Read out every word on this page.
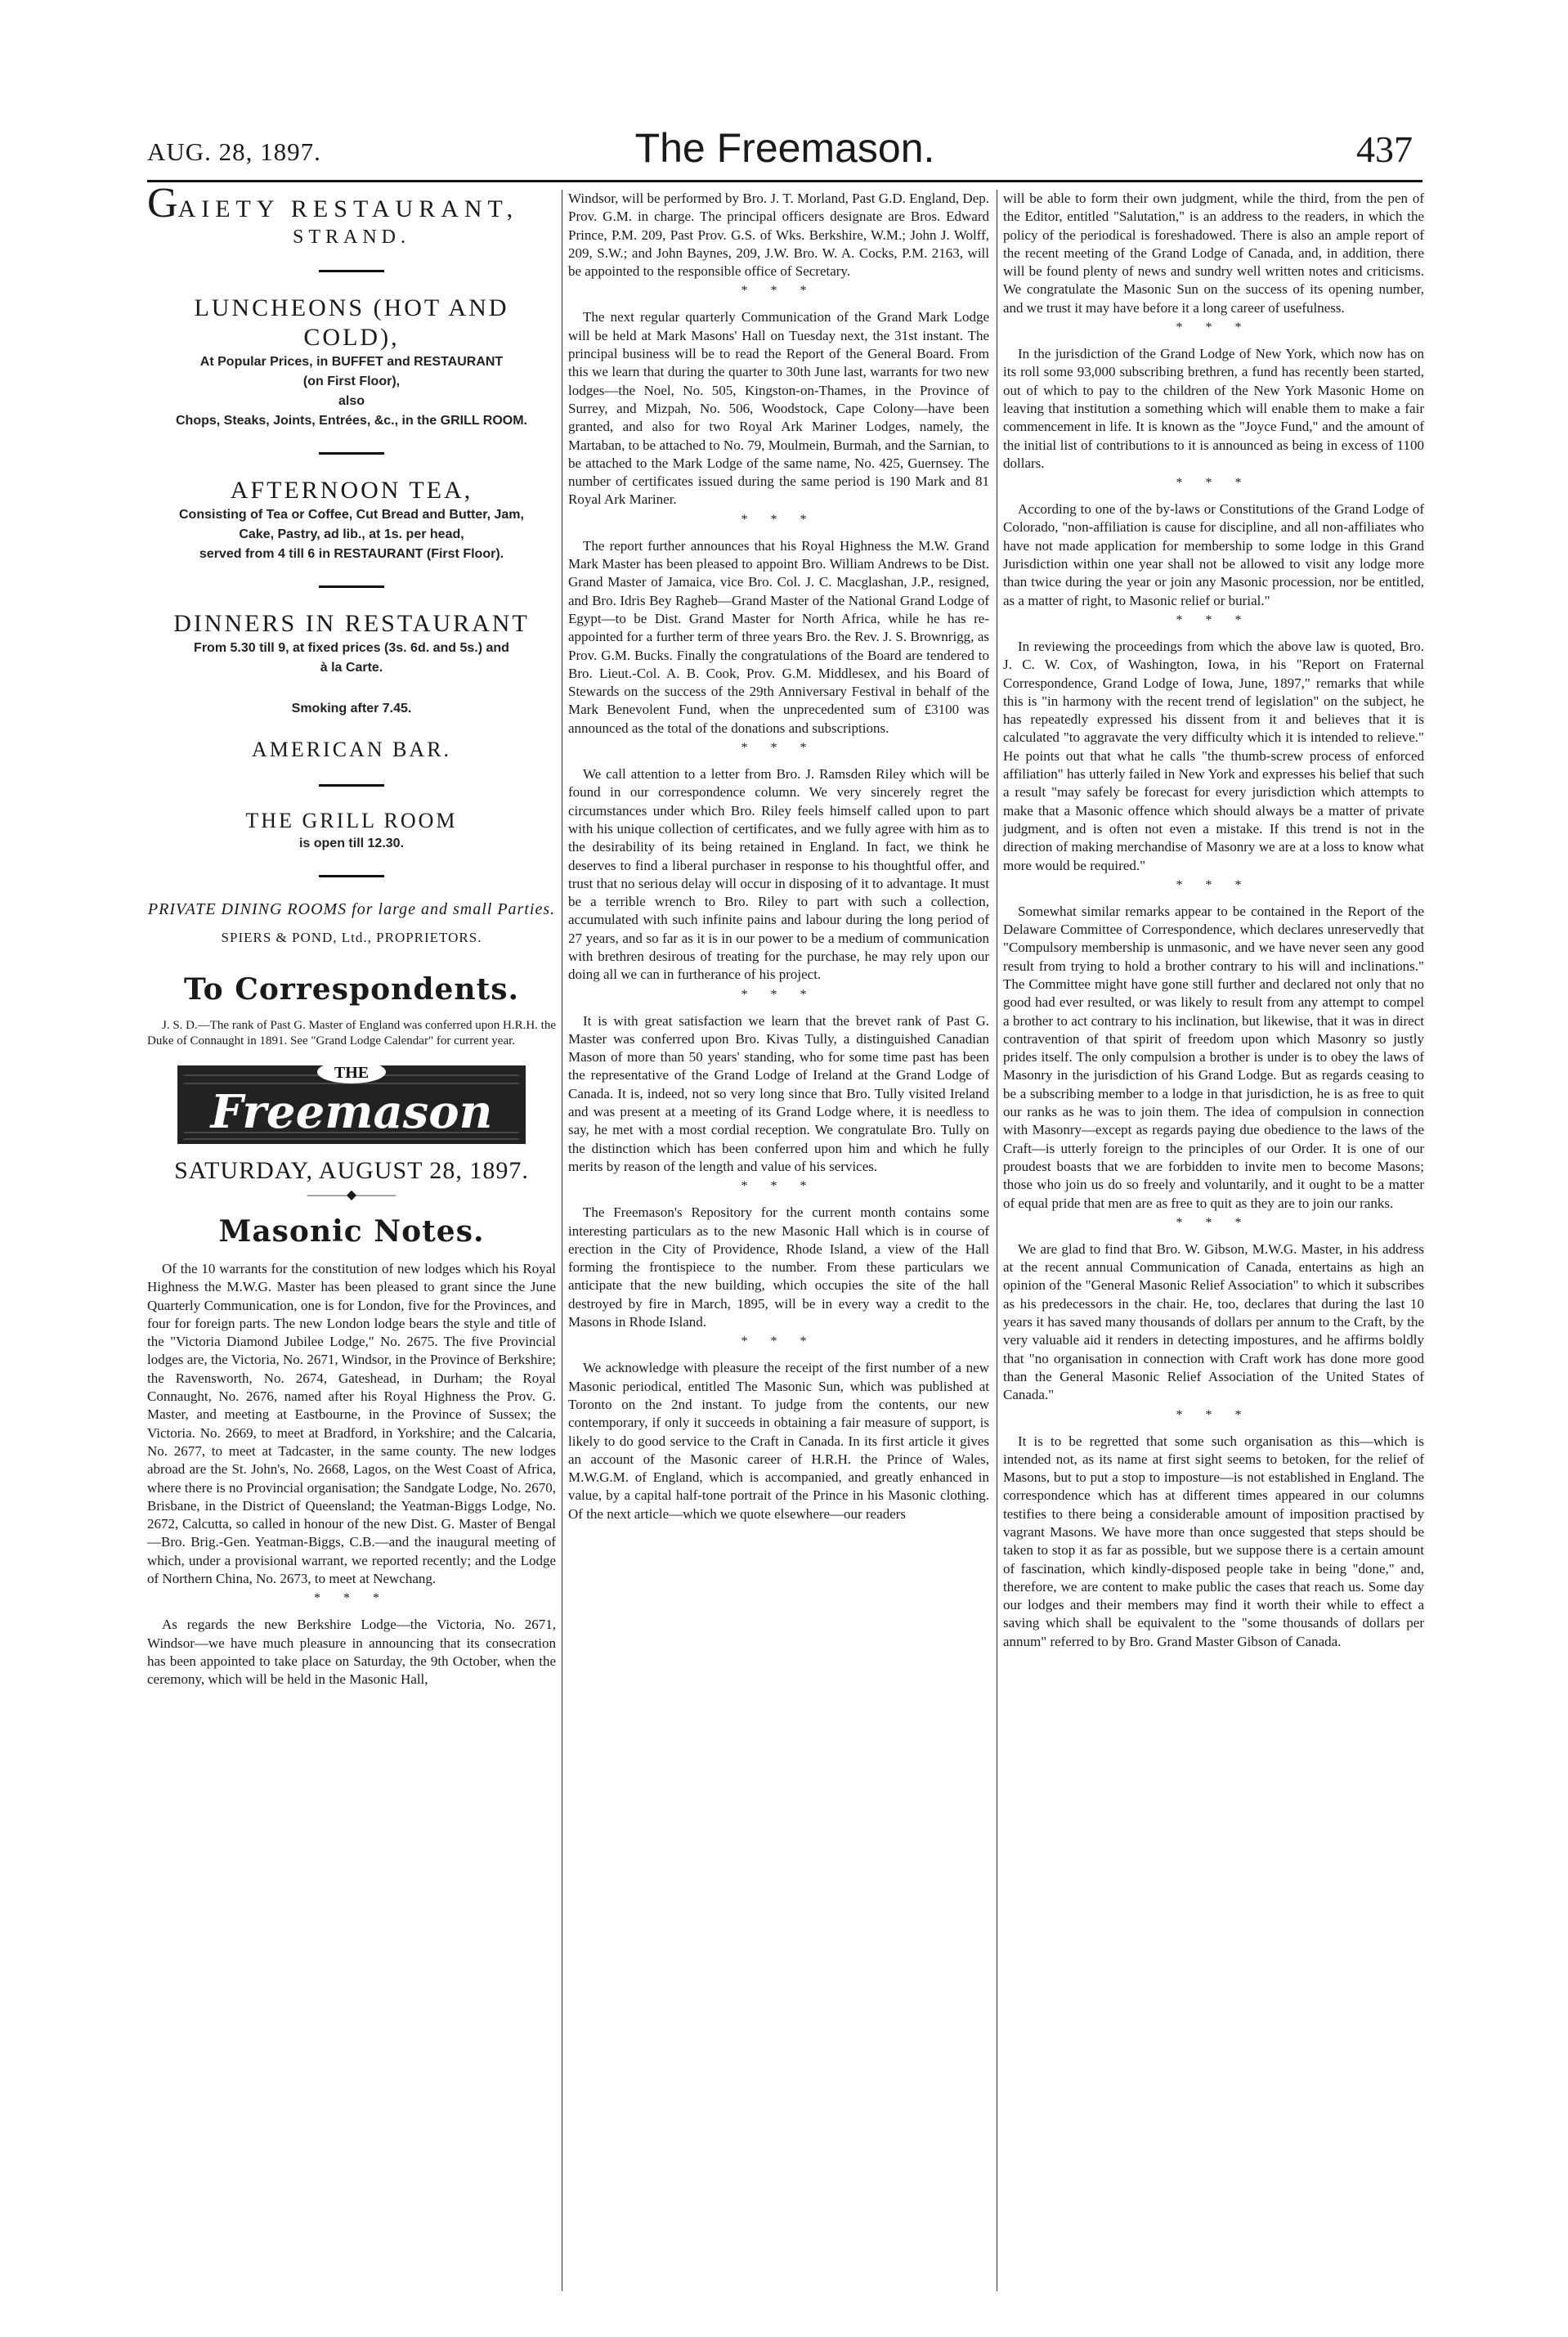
AUG. 28, 1897.	The Freemason.	437
GAIETY RESTAURANT,
STRAND.
LUNCHEONS (HOT AND COLD),
At Popular Prices, in BUFFET and RESTAURANT
(on First Floor),
also
Chops, Steaks, Joints, Entrées, &c., in the GRILL ROOM.
AFTERNOON TEA,
Consisting of Tea or Coffee, Cut Bread and Butter, Jam,
Cake, Pastry, ad lib., at 1s. per head,
served from 4 till 6 in RESTAURANT (First Floor).
DINNERS IN RESTAURANT
From 5.30 till 9, at fixed prices (3s. 6d. and 5s.) and
à la Carte.
Smoking after 7.45.
AMERICAN BAR.
THE GRILL ROOM
is open till 12.30.
PRIVATE DINING ROOMS for large and small Parties.
SPIERS & POND, Ltd., PROPRIETORS.
To Correspondents.

J. S. D.—The rank of Past G. Master of England was conferred upon H.R.H. the Duke of Connaught in 1891. See "Grand Lodge Calendar" for current year.

THE
Freemason
SATURDAY, AUGUST 28, 1897.
———◆———
Masonic Notes.

Of the 10 warrants for the constitution of new lodges which his Royal Highness the M.W.G. Master has been pleased to grant since the June Quarterly Communication, one is for London, five for the Provinces, and four for foreign parts. The new London lodge bears the style and title of the "Victoria Diamond Jubilee Lodge," No. 2675. The five Provincial lodges are, the Victoria, No. 2671, Windsor, in the Province of Berkshire; the Ravensworth, No. 2674, Gateshead, in Durham; the Royal Connaught, No. 2676, named after his Royal Highness the Prov. G. Master, and meeting at Eastbourne, in the Province of Sussex; the Victoria. No. 2669, to meet at Bradford, in Yorkshire; and the Calcaria, No. 2677, to meet at Tadcaster, in the same county. The new lodges abroad are the St. John's, No. 2668, Lagos, on the West Coast of Africa, where there is no Provincial organisation; the Sandgate Lodge, No. 2670, Brisbane, in the District of Queensland; the Yeatman-Biggs Lodge, No. 2672, Calcutta, so called in honour of the new Dist. G. Master of Bengal—Bro. Brig.-Gen. Yeatman-Biggs, C.B.—and the inaugural meeting of which, under a provisional warrant, we reported recently; and the Lodge of Northern China, No. 2673, to meet at Newchang.

* * *

As regards the new Berkshire Lodge—the Victoria, No. 2671, Windsor—we have much pleasure in announcing that its consecration has been appointed to take place on Saturday, the 9th October, when the ceremony, which will be held in the Masonic Hall,

Windsor, will be performed by Bro. J. T. Morland, Past G.D. England, Dep. Prov. G.M. in charge. The principal officers designate are Bros. Edward Prince, P.M. 209, Past Prov. G.S. of Wks. Berkshire, W.M.; John J. Wolff, 209, S.W.; and John Baynes, 209, J.W. Bro. W. A. Cocks, P.M. 2163, will be appointed to the responsible office of Secretary.

* * *

The next regular quarterly Communication of the Grand Mark Lodge will be held at Mark Masons' Hall on Tuesday next, the 31st instant. The principal business will be to read the Report of the General Board. From this we learn that during the quarter to 30th June last, warrants for two new lodges—the Noel, No. 505, Kingston-on-Thames, in the Province of Surrey, and Mizpah, No. 506, Woodstock, Cape Colony—have been granted, and also for two Royal Ark Mariner Lodges, namely, the Martaban, to be attached to No. 79, Moulmein, Burmah, and the Sarnian, to be attached to the Mark Lodge of the same name, No. 425, Guernsey. The number of certificates issued during the same period is 190 Mark and 81 Royal Ark Mariner.

* * *

The report further announces that his Royal Highness the M.W. Grand Mark Master has been pleased to appoint Bro. William Andrews to be Dist. Grand Master of Jamaica, vice Bro. Col. J. C. Macglashan, J.P., resigned, and Bro. Idris Bey Ragheb—Grand Master of the National Grand Lodge of Egypt—to be Dist. Grand Master for North Africa, while he has re-appointed for a further term of three years Bro. the Rev. J. S. Brownrigg, as Prov. G.M. Bucks. Finally the congratulations of the Board are tendered to Bro. Lieut.-Col. A. B. Cook, Prov. G.M. Middlesex, and his Board of Stewards on the success of the 29th Anniversary Festival in behalf of the Mark Benevolent Fund, when the unprecedented sum of £3100 was announced as the total of the donations and subscriptions.

* * *

We call attention to a letter from Bro. J. Ramsden Riley which will be found in our correspondence column. We very sincerely regret the circumstances under which Bro. Riley feels himself called upon to part with his unique collection of certificates, and we fully agree with him as to the desirability of its being retained in England. In fact, we think he deserves to find a liberal purchaser in response to his thoughtful offer, and trust that no serious delay will occur in disposing of it to advantage. It must be a terrible wrench to Bro. Riley to part with such a collection, accumulated with such infinite pains and labour during the long period of 27 years, and so far as it is in our power to be a medium of communication with brethren desirous of treating for the purchase, he may rely upon our doing all we can in furtherance of his project.

* * *

It is with great satisfaction we learn that the brevet rank of Past G. Master was conferred upon Bro. Kivas Tully, a distinguished Canadian Mason of more than 50 years' standing, who for some time past has been the representative of the Grand Lodge of Ireland at the Grand Lodge of Canada. It is, indeed, not so very long since that Bro. Tully visited Ireland and was present at a meeting of its Grand Lodge where, it is needless to say, he met with a most cordial reception. We congratulate Bro. Tully on the distinction which has been conferred upon him and which he fully merits by reason of the length and value of his services.

* * *

The Freemason's Repository for the current month contains some interesting particulars as to the new Masonic Hall which is in course of erection in the City of Providence, Rhode Island, a view of the Hall forming the frontispiece to the number. From these particulars we anticipate that the new building, which occupies the site of the hall destroyed by fire in March, 1895, will be in every way a credit to the Masons in Rhode Island.

* * *

We acknowledge with pleasure the receipt of the first number of a new Masonic periodical, entitled The Masonic Sun, which was published at Toronto on the 2nd instant. To judge from the contents, our new contemporary, if only it succeeds in obtaining a fair measure of support, is likely to do good service to the Craft in Canada. In its first article it gives an account of the Masonic career of H.R.H. the Prince of Wales, M.W.G.M. of England, which is accompanied, and greatly enhanced in value, by a capital half-tone portrait of the Prince in his Masonic clothing. Of the next article—which we quote elsewhere—our readers

will be able to form their own judgment, while the third, from the pen of the Editor, entitled "Salutation," is an address to the readers, in which the policy of the periodical is foreshadowed. There is also an ample report of the recent meeting of the Grand Lodge of Canada, and, in addition, there will be found plenty of news and sundry well written notes and criticisms. We congratulate the Masonic Sun on the success of its opening number, and we trust it may have before it a long career of usefulness.

* * *

In the jurisdiction of the Grand Lodge of New York, which now has on its roll some 93,000 subscribing brethren, a fund has recently been started, out of which to pay to the children of the New York Masonic Home on leaving that institution a something which will enable them to make a fair commencement in life. It is known as the "Joyce Fund," and the amount of the initial list of contributions to it is announced as being in excess of 1100 dollars.

* * *

According to one of the by-laws or Constitutions of the Grand Lodge of Colorado, "non-affiliation is cause for discipline, and all non-affiliates who have not made application for membership to some lodge in this Grand Jurisdiction within one year shall not be allowed to visit any lodge more than twice during the year or join any Masonic procession, nor be entitled, as a matter of right, to Masonic relief or burial."

* * *

In reviewing the proceedings from which the above law is quoted, Bro. J. C. W. Cox, of Washington, Iowa, in his "Report on Fraternal Correspondence, Grand Lodge of Iowa, June, 1897," remarks that while this is "in harmony with the recent trend of legislation" on the subject, he has repeatedly expressed his dissent from it and believes that it is calculated "to aggravate the very difficulty which it is intended to relieve." He points out that what he calls "the thumb-screw process of enforced affiliation" has utterly failed in New York and expresses his belief that such a result "may safely be forecast for every jurisdiction which attempts to make that a Masonic offence which should always be a matter of private judgment, and is often not even a mistake. If this trend is not in the direction of making merchandise of Masonry we are at a loss to know what more would be required."

* * *

Somewhat similar remarks appear to be contained in the Report of the Delaware Committee of Correspondence, which declares unreservedly that "Compulsory membership is unmasonic, and we have never seen any good result from trying to hold a brother contrary to his will and inclinations." The Committee might have gone still further and declared not only that no good had ever resulted, or was likely to result from any attempt to compel a brother to act contrary to his inclination, but likewise, that it was in direct contravention of that spirit of freedom upon which Masonry so justly prides itself. The only compulsion a brother is under is to obey the laws of Masonry in the jurisdiction of his Grand Lodge. But as regards ceasing to be a subscribing member to a lodge in that jurisdiction, he is as free to quit our ranks as he was to join them. The idea of compulsion in connection with Masonry—except as regards paying due obedience to the laws of the Craft—is utterly foreign to the principles of our Order. It is one of our proudest boasts that we are forbidden to invite men to become Masons; those who join us do so freely and voluntarily, and it ought to be a matter of equal pride that men are as free to quit as they are to join our ranks.

* * *

We are glad to find that Bro. W. Gibson, M.W.G. Master, in his address at the recent annual Communication of Canada, entertains as high an opinion of the "General Masonic Relief Association" to which it subscribes as his predecessors in the chair. He, too, declares that during the last 10 years it has saved many thousands of dollars per annum to the Craft, by the very valuable aid it renders in detecting impostures, and he affirms boldly that "no organisation in connection with Craft work has done more good than the General Masonic Relief Association of the United States of Canada."

* * *

It is to be regretted that some such organisation as this—which is intended not, as its name at first sight seems to betoken, for the relief of Masons, but to put a stop to imposture—is not established in England. The correspondence which has at different times appeared in our columns testifies to there being a considerable amount of imposition practised by vagrant Masons. We have more than once suggested that steps should be taken to stop it as far as possible, but we suppose there is a certain amount of fascination, which kindly-disposed people take in being "done," and, therefore, we are content to make public the cases that reach us. Some day our lodges and their members may find it worth their while to effect a saving which shall be equivalent to the "some thousands of dollars per annum" referred to by Bro. Grand Master Gibson of Canada.
